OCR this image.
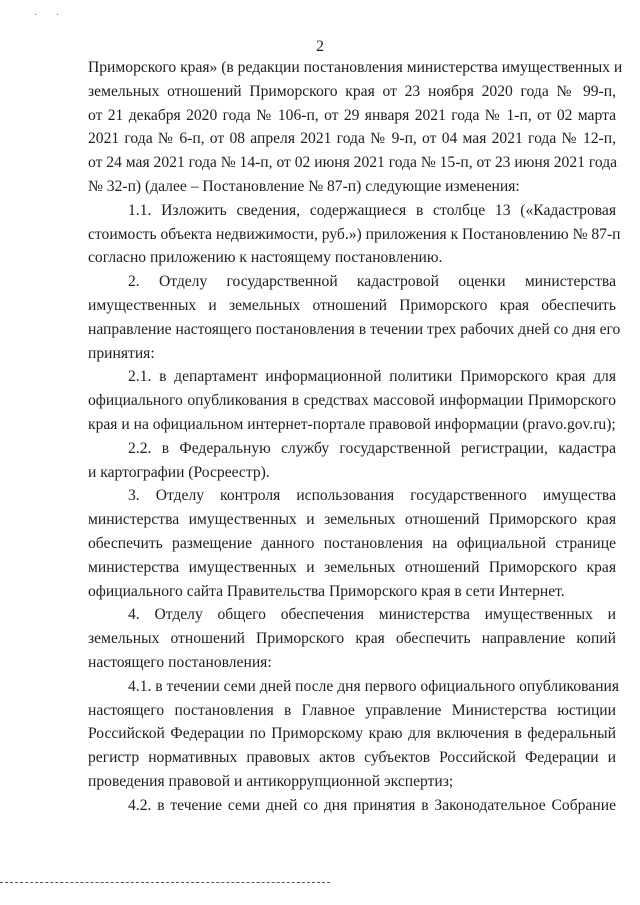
· ·
2
Приморского края» (в редакции постановления министерства имущественных и
земельных отношений Приморского края от 23 ноября 2020 года № 99-п,
от 21 декабря 2020 года № 106-п, от 29 января 2021 года № 1-п, от 02 марта
2021 года № 6-п, от 08 апреля 2021 года № 9-п, от 04 мая 2021 года № 12-п,
от 24 мая 2021 года № 14-п, от 02 июня 2021 года № 15-п, от 23 июня 2021 года
№ 32-п) (далее – Постановление № 87-п) следующие изменения:
1.1. Изложить сведения, содержащиеся в столбце 13 («Кадастровая
стоимость объекта недвижимости, руб.») приложения к Постановлению № 87-п
согласно приложению к настоящему постановлению.
2. Отделу государственной кадастровой оценки министерства
имущественных и земельных отношений Приморского края обеспечить
направление настоящего постановления в течении трех рабочих дней со дня его
принятия:
2.1. в департамент информационной политики Приморского края для
официального опубликования в средствах массовой информации Приморского
края и на официальном интернет-портале правовой информации (pravo.gov.ru);
2.2. в Федеральную службу государственной регистрации, кадастра
и картографии (Росреестр).
3. Отделу контроля использования государственного имущества
министерства имущественных и земельных отношений Приморского края
обеспечить размещение данного постановления на официальной странице
министерства имущественных и земельных отношений Приморского края
официального сайта Правительства Приморского края в сети Интернет.
4. Отделу общего обеспечения министерства имущественных и
земельных отношений Приморского края обеспечить направление копий
настоящего постановления:
4.1. в течении семи дней после дня первого официального опубликования
настоящего постановления в Главное управление Министерства юстиции
Российской Федерации по Приморскому краю для включения в федеральный
регистр нормативных правовых актов субъектов Российской Федерации и
проведения правовой и антикоррупционной экспертиз;
4.2. в течение семи дней со дня принятия в Законодательное Собрание
